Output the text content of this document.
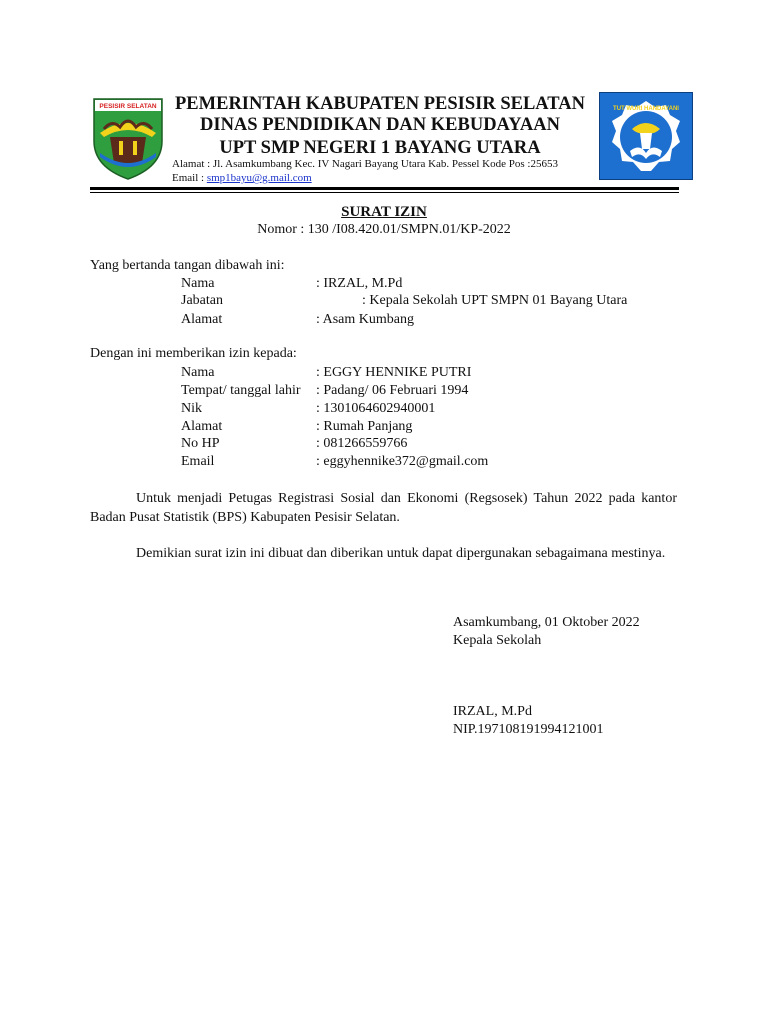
PESISIR SELATAN	TUT WURI HANDAYANI
PEMERINTAH KABUPATEN PESISIR SELATAN
DINAS PENDIDIKAN DAN KEBUDAYAAN
UPT SMP NEGERI 1 BAYANG UTARA
Alamat : Jl. Asamkumbang Kec. IV Nagari Bayang Utara Kab. Pessel Kode Pos :25653
Email : smp1bayu@g.mail.com
SURAT IZIN
Nomor : 130 /I08.420.01/SMPN.01/KP-2022
Yang bertanda tangan dibawah ini:
Nama	: IRZAL, M.Pd
Jabatan	: Kepala Sekolah UPT SMPN 01 Bayang Utara
Alamat	: Asam Kumbang
Dengan ini memberikan izin kepada:
Nama	: EGGY HENNIKE PUTRI
Tempat/ tanggal lahir : Padang/ 06 Februari 1994
Nik	: 1301064602940001
Alamat	: Rumah Panjang
No HP	: 081266559766
Email	: eggyhennike372@gmail.com
Untuk menjadi Petugas Registrasi Sosial dan Ekonomi (Regsosek) Tahun 2022 pada kantor Badan Pusat Statistik (BPS) Kabupaten Pesisir Selatan.
Demikian surat izin ini dibuat dan diberikan untuk dapat dipergunakan sebagaimana mestinya.
Asamkumbang, 01 Oktober 2022
Kepala Sekolah
IRZAL, M.Pd
NIP.197108191994121001
